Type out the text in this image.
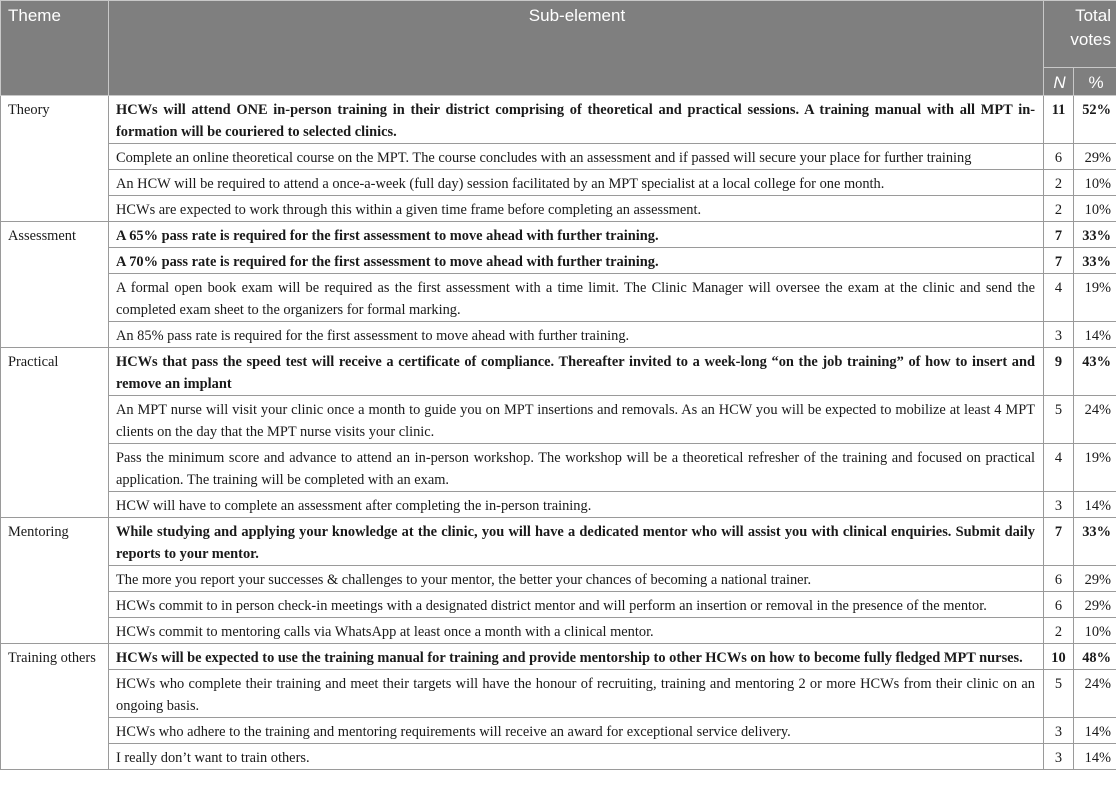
Theme	Sub-element	Total votes	
		N	%
Theory	HCWs will attend ONE in-person training in their district comprising of theoretical and practical sessions. A training manual with all MPT in-formation will be couriered to selected clinics.	11	52%
	Complete an online theoretical course on the MPT. The course concludes with an assessment and if passed will secure your place for further training	6	29%
	An HCW will be required to attend a once-a-week (full day) session facilitated by an MPT specialist at a local college for one month.	2	10%
	HCWs are expected to work through this within a given time frame before completing an assessment.	2	10%
Assessment	A 65% pass rate is required for the first assessment to move ahead with further training.	7	33%
	A 70% pass rate is required for the first assessment to move ahead with further training.	7	33%
	A formal open book exam will be required as the first assessment with a time limit. The Clinic Manager will oversee the exam at the clinic and send the completed exam sheet to the organizers for formal marking.	4	19%
	An 85% pass rate is required for the first assessment to move ahead with further training.	3	14%
Practical	HCWs that pass the speed test will receive a certificate of compliance. Thereafter invited to a week-long “on the job training” of how to insert and remove an implant	9	43%
	An MPT nurse will visit your clinic once a month to guide you on MPT insertions and removals. As an HCW you will be expected to mobilize at least 4 MPT clients on the day that the MPT nurse visits your clinic.	5	24%
	Pass the minimum score and advance to attend an in-person workshop. The workshop will be a theoretical refresher of the training and focused on practical application. The training will be completed with an exam.	4	19%
	HCW will have to complete an assessment after completing the in-person training.	3	14%
Mentoring	While studying and applying your knowledge at the clinic, you will have a dedicated mentor who will assist you with clinical enquiries. Submit daily reports to your mentor.	7	33%
	The more you report your successes & challenges to your mentor, the better your chances of becoming a national trainer.	6	29%
	HCWs commit to in person check-in meetings with a designated district mentor and will perform an insertion or removal in the presence of the mentor.	6	29%
	HCWs commit to mentoring calls via WhatsApp at least once a month with a clinical mentor.	2	10%
Training others	HCWs will be expected to use the training manual for training and provide mentorship to other HCWs on how to become fully fledged MPT nurses.	10	48%
	HCWs who complete their training and meet their targets will have the honour of recruiting, training and mentoring 2 or more HCWs from their clinic on an ongoing basis.	5	24%
	HCWs who adhere to the training and mentoring requirements will receive an award for exceptional service delivery.	3	14%
	I really don’t want to train others.	3	14%
